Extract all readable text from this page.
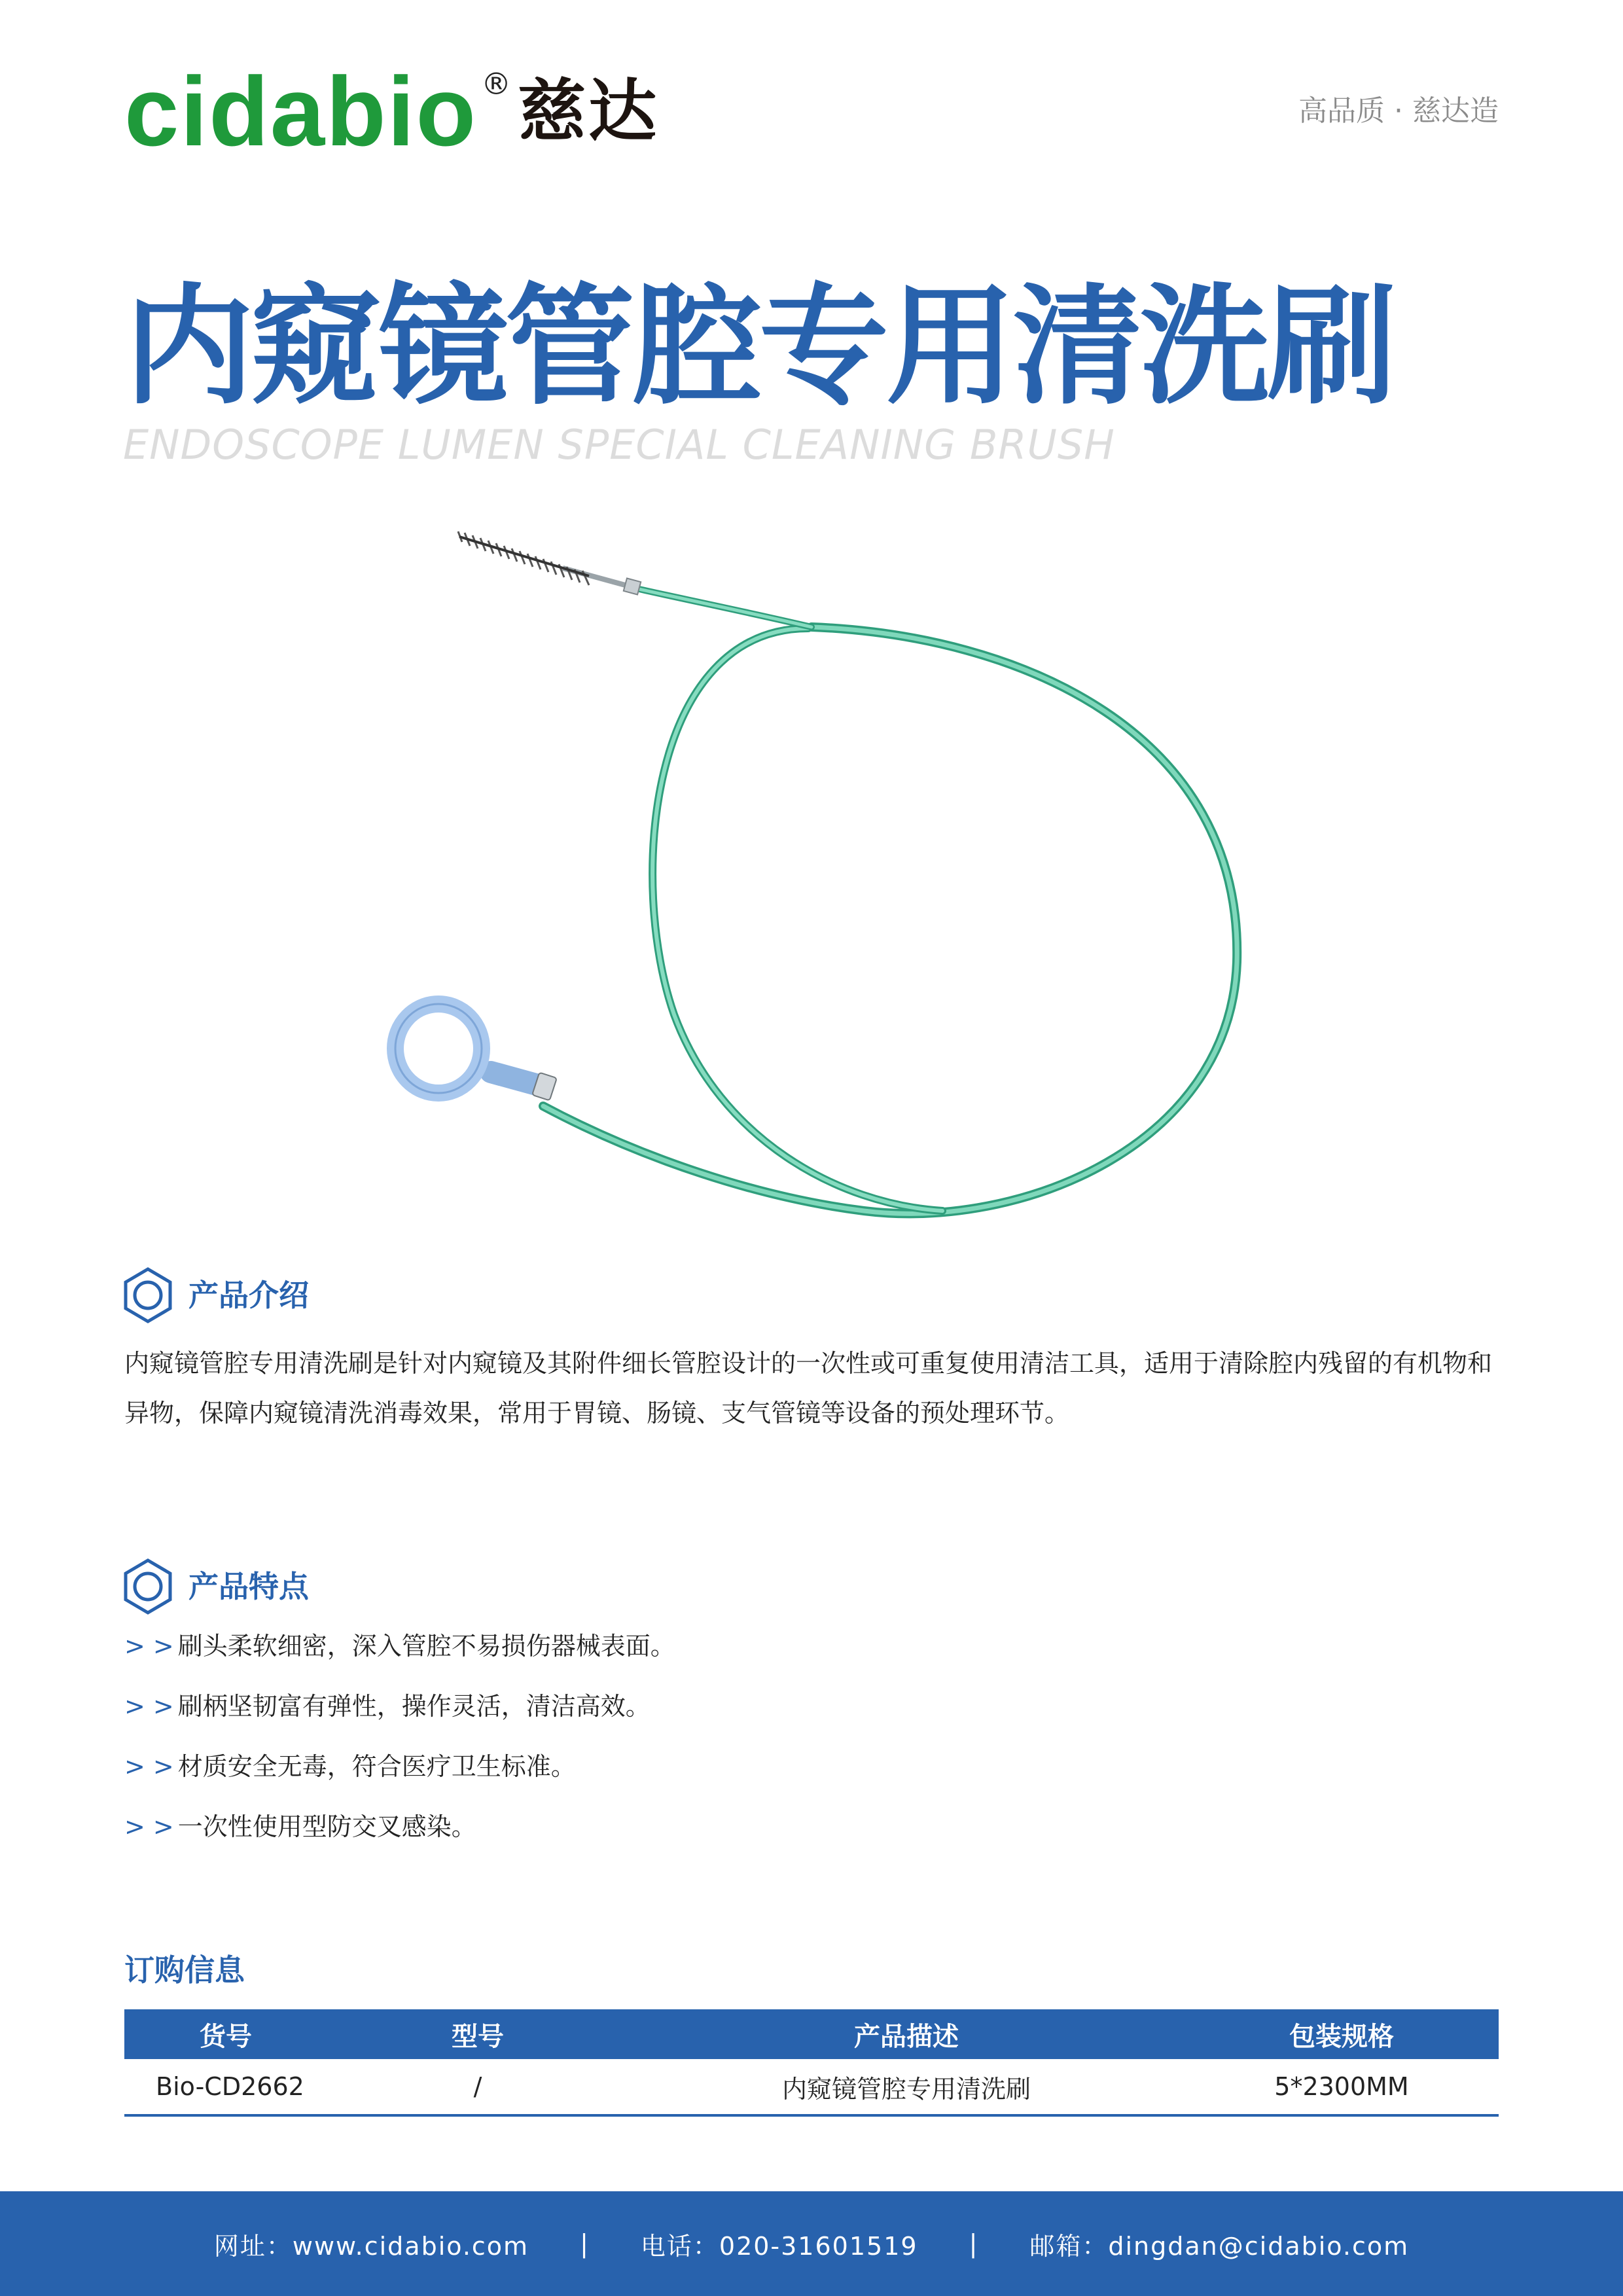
cidabio ® 慈达	高品质 · 慈达造
内窥镜管腔专用清洗刷
ENDOSCOPE LUMEN SPECIAL CLEANING BRUSH
产品介绍
内窥镜管腔专用清洗刷是针对内窥镜及其附件细长管腔设计的一次性或可重复使用清洁工具，适用于清除腔内残留的有机物和异物，保障内窥镜清洗消毒效果，常用于胃镜、肠镜、支气管镜等设备的预处理环节。
产品特点
> > 刷头柔软细密，深入管腔不易损伤器械表面。
> > 刷柄坚韧富有弹性，操作灵活，清洁高效。
> > 材质安全无毒，符合医疗卫生标准。
> > 一次性使用型防交叉感染。
订购信息
货号	型号	产品描述	包装规格
Bio-CD2662	/	内窥镜管腔专用清洗刷	5*2300MM
网址：www.cidabio.com | 电话：020-31601519 | 邮箱：dingdan@cidabio.com
